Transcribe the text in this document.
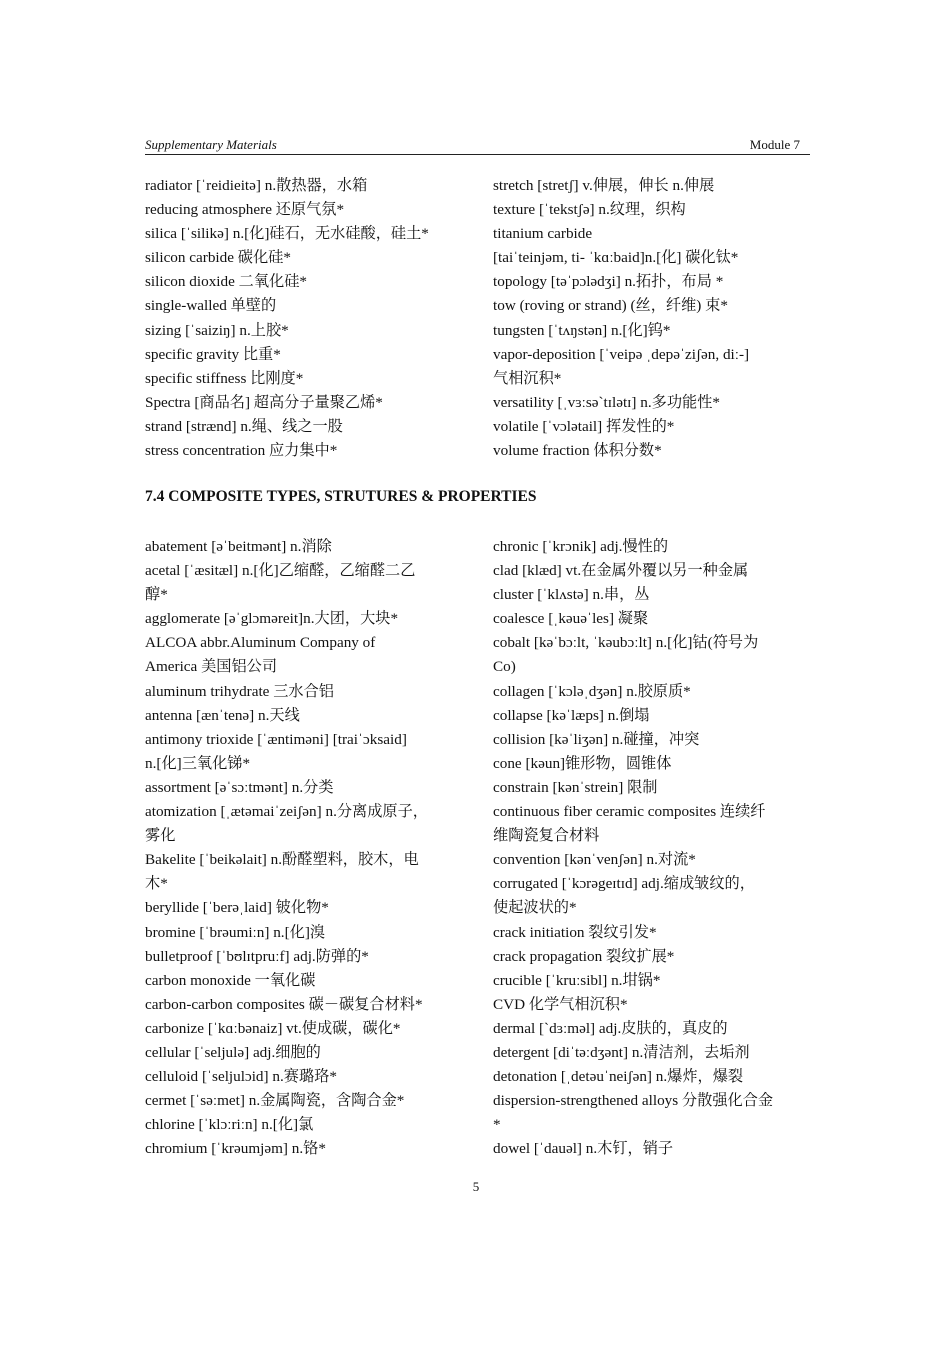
Supplementary Materials	Module 7
radiator [ˈreidieitə] n.散热器，水箱
reducing atmosphere 还原气氛*
silica [ˈsilikə] n.[化]硅石，无水硅酸，硅土*
silicon carbide 碳化硅*
silicon dioxide 二氧化硅*
single-walled 单壁的
sizing [ˈsaiziŋ] n.上胶*
specific gravity 比重*
specific stiffness 比刚度*
Spectra [商品名] 超高分子量聚乙烯*
strand [strænd] n.绳、线之一股
stress concentration 应力集中*
stretch [stretʃ] v.伸展，伸长 n.伸展
texture [ˈtekstʃə] n.纹理，织构
titanium carbide
[taiˈteinjəm, ti- ˈkɑːbaid]n.[化] 碳化钛*
topology [təˈpɔlədʒi] n.拓扑，布局 *
tow (roving or strand) (丝，纤维) 束*
tungsten [ˈtʌŋstən] n.[化]钨*
vapor-deposition [ˈveipə ˌdepəˈziʃən, diː-]
气相沉积*
versatility [ˌvɜːsəˋtɪlətɪ] n.多功能性*
volatile [ˈvɔlətail] 挥发性的*
volume fraction 体积分数*
7.4 COMPOSITE TYPES, STRUTURES & PROPERTIES
abatement [əˈbeitmənt] n.消除
acetal [ˈæsitæl] n.[化]乙缩醛，乙缩醛二乙
醇*
agglomerate [əˈglɔməreit]n.大团，大块*
ALCOA abbr.Aluminum Company of
America 美国铝公司
aluminum trihydrate 三水合铝
antenna [ænˈtenə] n.天线
antimony trioxide [ˈæntiməni] [traiˈɔksaid]
n.[化]三氧化锑*
assortment [əˈsɔːtmənt] n.分类
atomization [ˌætəmaiˈzeiʃən] n.分离成原子，
雾化
Bakelite [ˈbeikəlait] n.酚醛塑料，胶木，电
木*
beryllide [ˈberəˌlaid] 铍化物*
bromine [ˈbrəumiːn] n.[化]溴
bulletproof [ˈbʊlɪtpruːf] adj.防弹的*
carbon monoxide 一氧化碳
carbon-carbon composites 碳－碳复合材料*
carbonize [ˈkɑːbənaiz] vt.使成碳，碳化*
cellular [ˈseljulə] adj.细胞的
celluloid [ˈseljulɔid] n.赛璐珞*
cermet [ˈsəːmet] n.金属陶瓷，含陶合金*
chlorine [ˈklɔːriːn] n.[化]氯
chromium [ˈkrəumjəm] n.铬*
chronic [ˈkrɔnik] adj.慢性的
clad [klæd] vt.在金属外覆以另一种金属
cluster [ˈklʌstə] n.串，丛
coalesce [ˌkəuəˈles] 凝聚
cobalt [kəˈbɔːlt, ˈkəubɔːlt] n.[化]钴(符号为
Co)
collagen [ˈkɔləˌdʒən] n.胶原质*
collapse [kəˈlæps] n.倒塌
collision [kəˈliʒən] n.碰撞，冲突
cone [kəun]锥形物，圆锥体
constrain [kənˈstrein] 限制
continuous fiber ceramic composites 连续纤
维陶瓷复合材料
convention [kənˈvenʃən] n.对流*
corrugated [ˈkɔrəgeɪtɪd] adj.缩成皱纹的，
使起波状的*
crack initiation 裂纹引发*
crack propagation 裂纹扩展*
crucible [ˈkruːsibl] n.坩锅*
CVD 化学气相沉积*
dermal [ˋdɜːməl] adj.皮肤的，真皮的
detergent [diˈtəːdʒənt] n.清洁剂，去垢剂
detonation [ˌdetəuˈneiʃən] n.爆炸，爆裂
dispersion-strengthened alloys 分散强化合金
*
dowel [ˈdauəl] n.木钉，销子
5
